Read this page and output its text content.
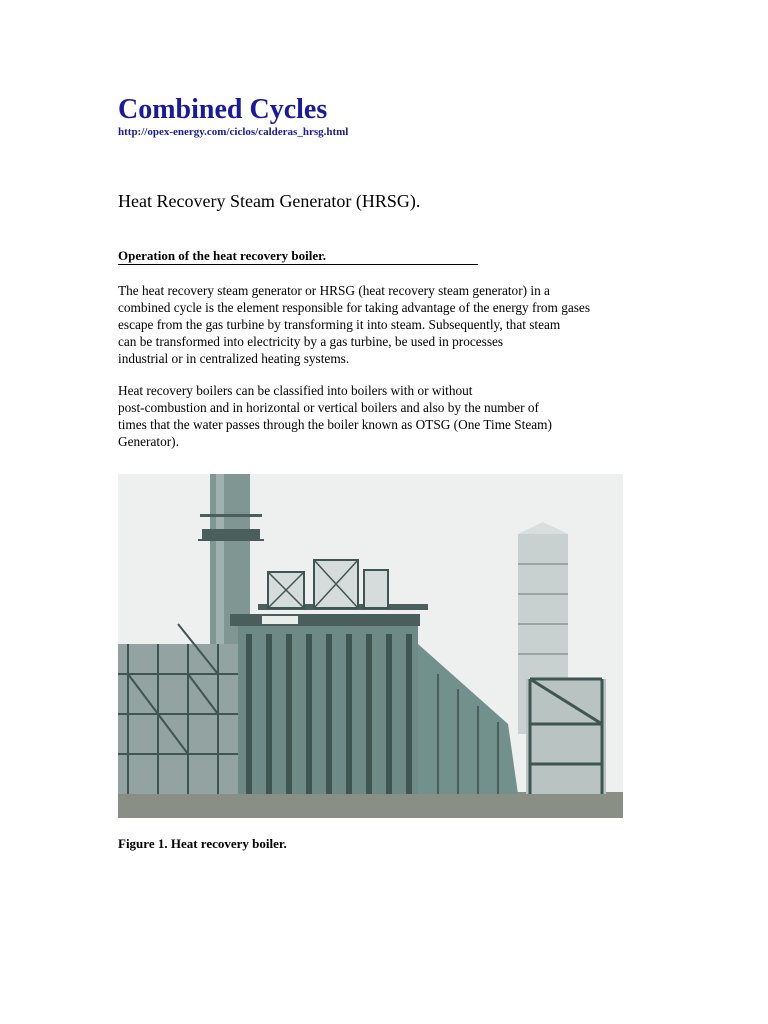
Combined Cycles
http://opex-energy.com/ciclos/calderas_hrsg.html
Heat Recovery Steam Generator (HRSG).
Operation of the heat recovery boiler.

The heat recovery steam generator or HRSG (heat recovery steam generator) in a
combined cycle is the element responsible for taking advantage of the energy from gases
escape from the gas turbine by transforming it into steam. Subsequently, that steam
can be transformed into electricity by a gas turbine, be used in processes
industrial or in centralized heating systems.

Heat recovery boilers can be classified into boilers with or without
post-combustion and in horizontal or vertical boilers and also by the number of
times that the water passes through the boiler known as OTSG (One Time Steam)
Generator).

Figure 1. Heat recovery boiler.
